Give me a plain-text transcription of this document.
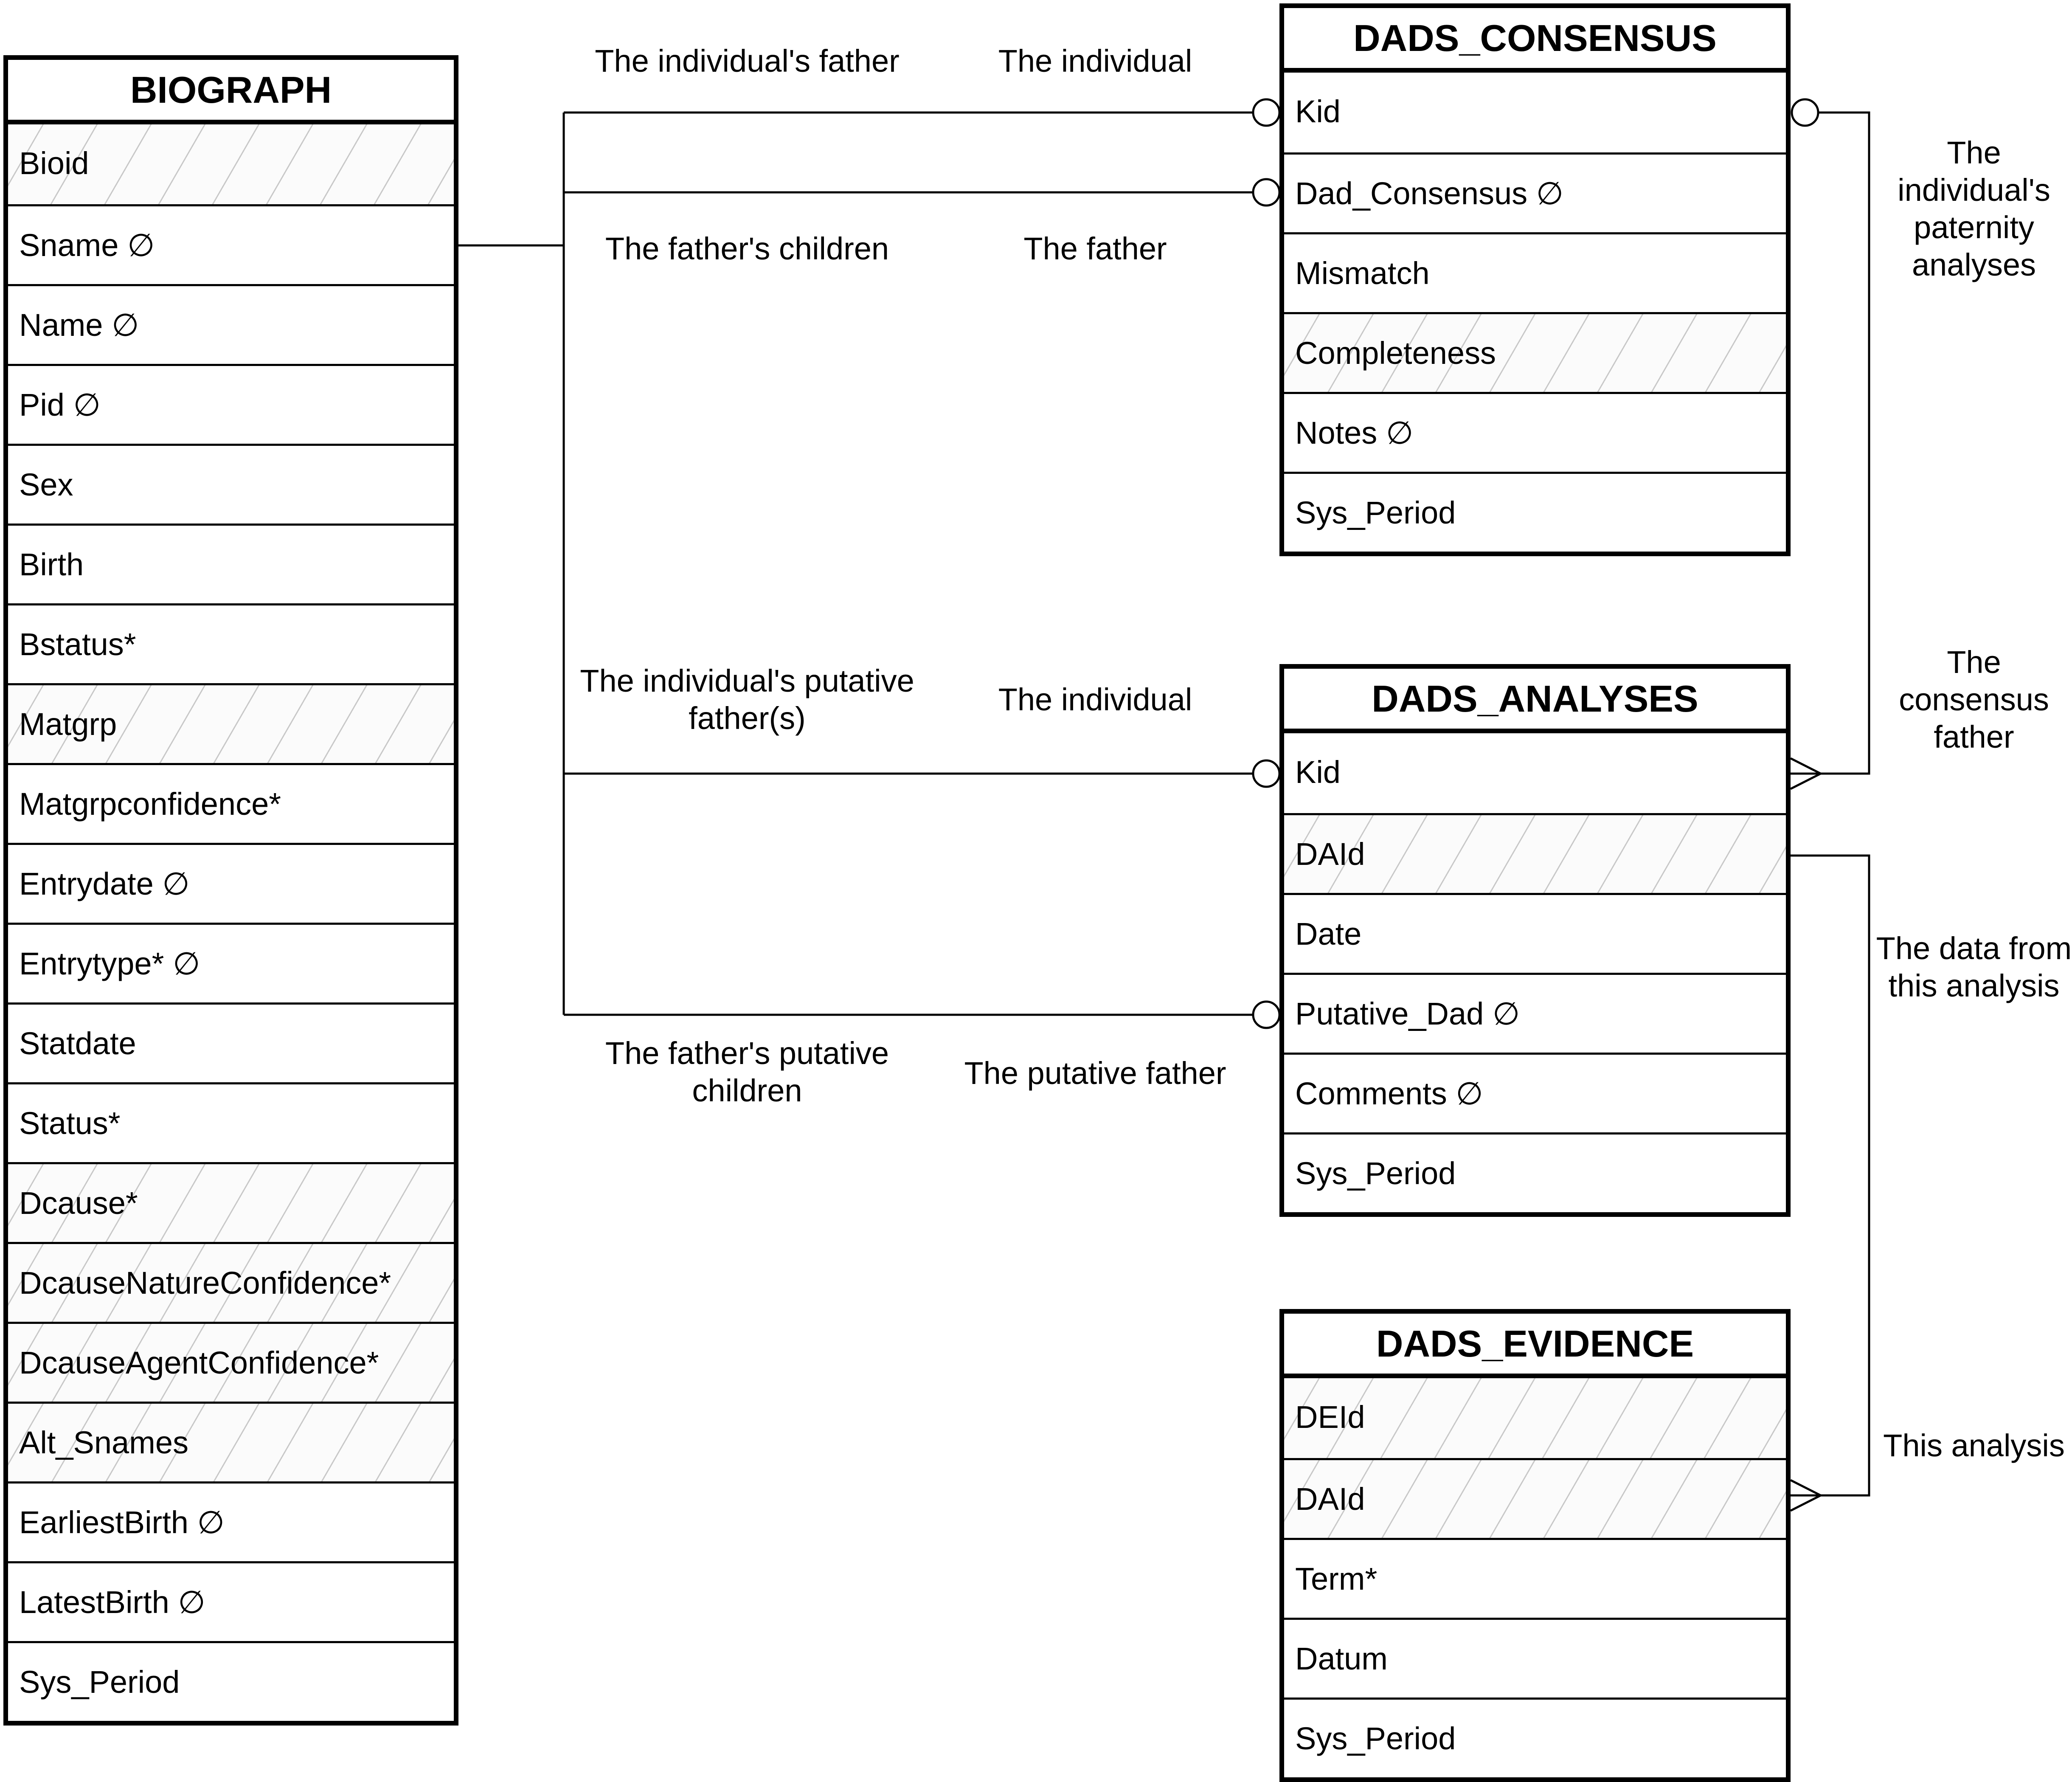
BIOGRAPH
Bioid
Sname ∅
Name ∅
Pid ∅
Sex
Birth
Bstatus*
Matgrp
Matgrpconfidence*
Entrydate ∅
Entrytype* ∅
Statdate
Status*
Dcause*
DcauseNatureConfidence*
DcauseAgentConfidence*
Alt_Snames
EarliestBirth ∅
LatestBirth ∅
Sys_Period
DADS_CONSENSUS
Kid
Dad_Consensus ∅
Mismatch
Completeness
Notes ∅
Sys_Period
DADS_ANALYSES
Kid
DAId
Date
Putative_Dad ∅
Comments ∅
Sys_Period
DADS_EVIDENCE
DEId
DAId
Term*
Datum
Sys_Period
The individual's father	The individual
The father's children	The father
The individual's putative
father(s)
The individual
The father's putative
children	The putative father
The
individual's
paternity
analyses
The
consensus
father
The data from
this analysis
This analysis
